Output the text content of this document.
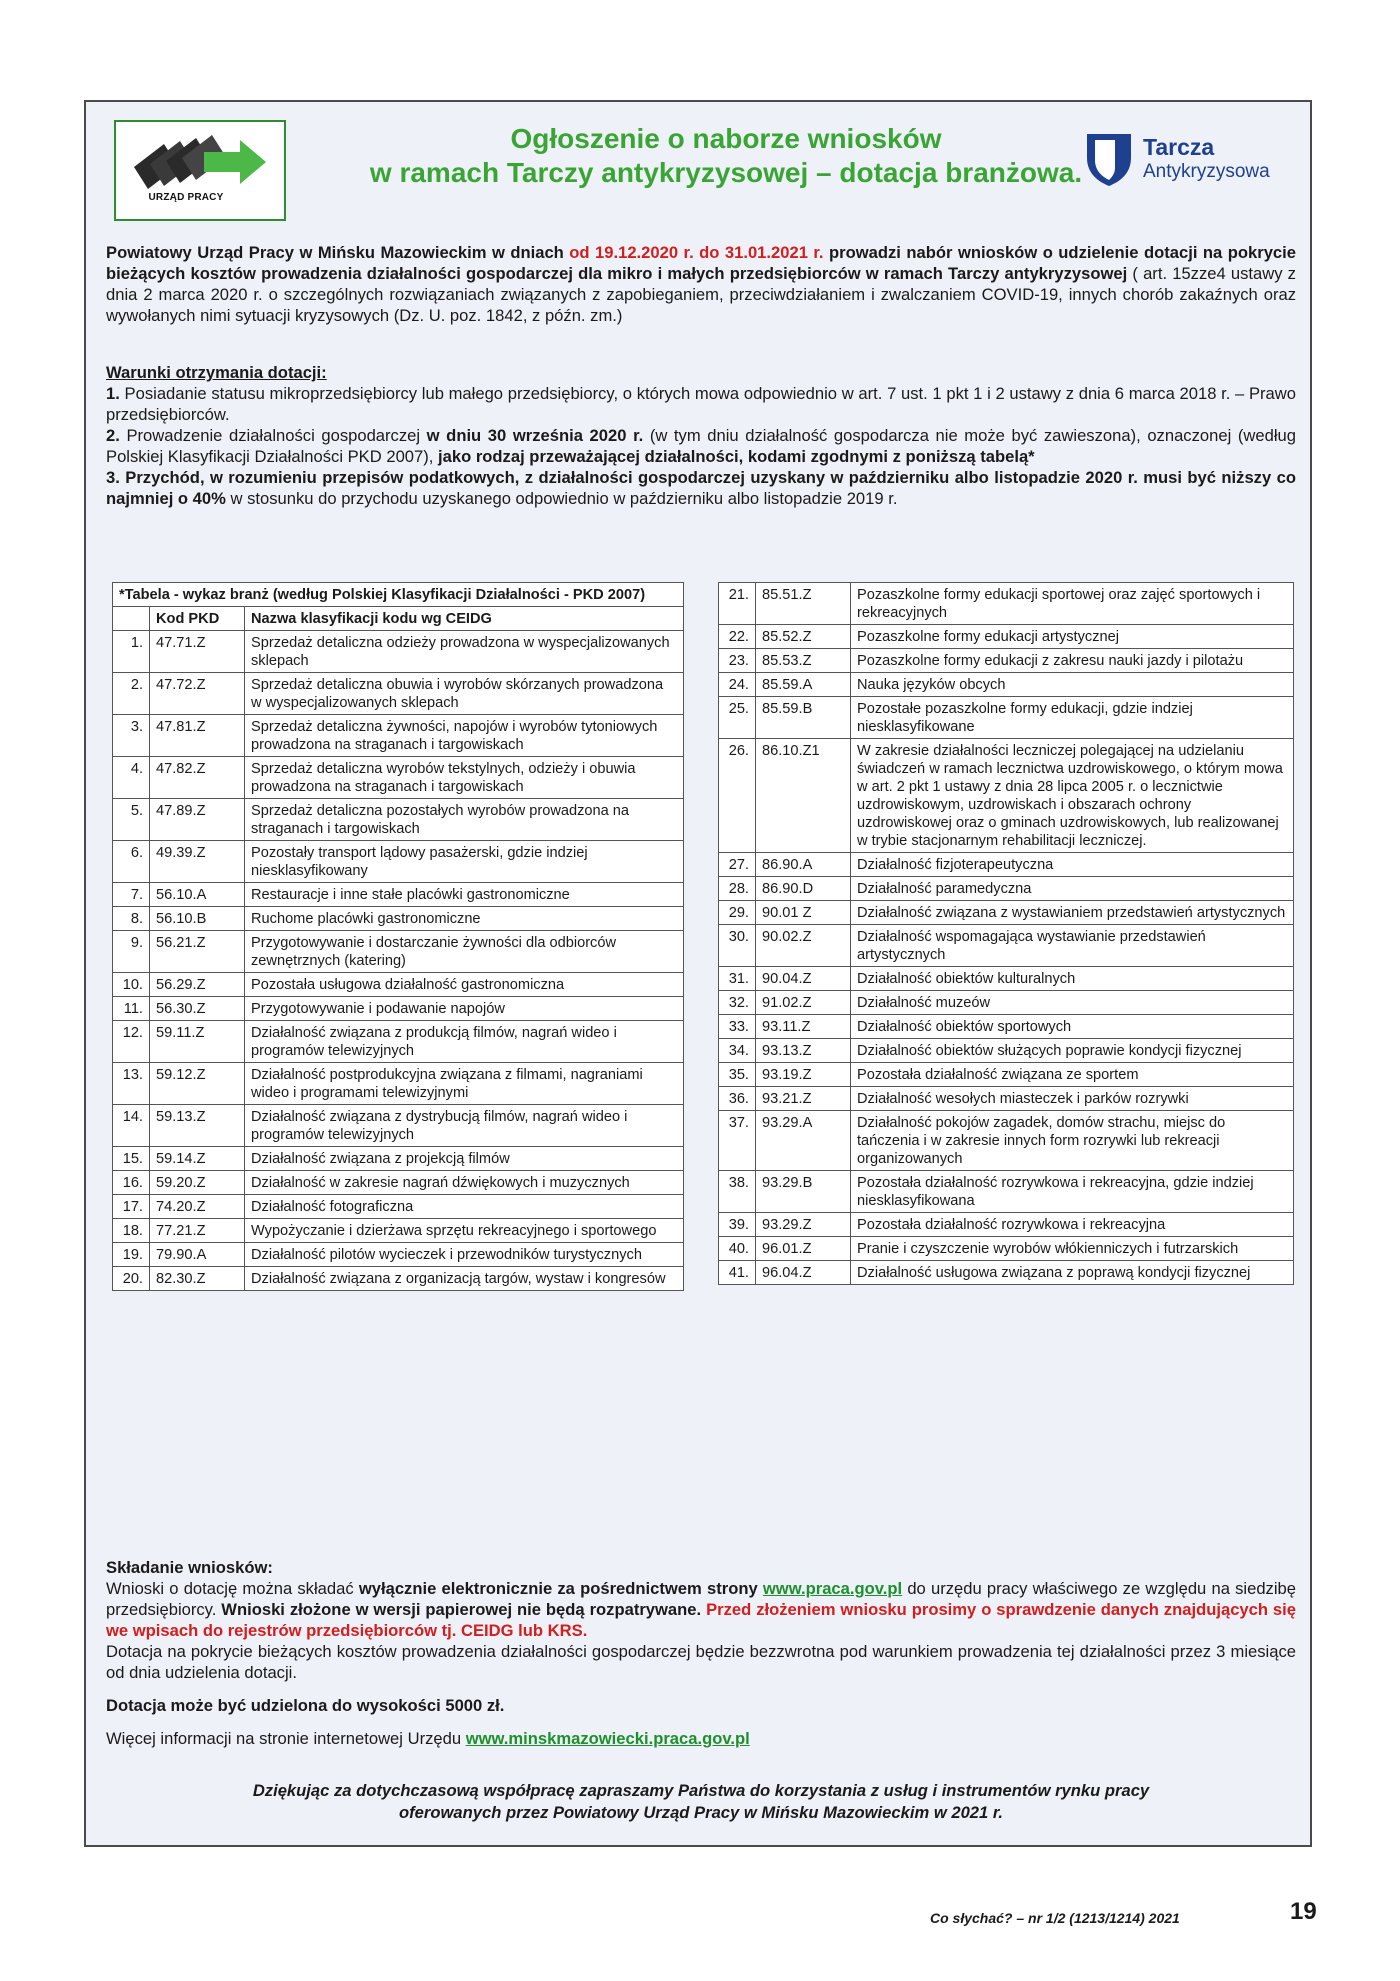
URZĄD PRACY
Ogłoszenie o naborze wniosków
w ramach Tarczy antykryzysowej – dotacja branżowa.
Tarcza
Antykryzysowa
Powiatowy Urząd Pracy w Mińsku Mazowieckim w dniach od 19.12.2020 r. do 31.01.2021 r. prowadzi nabór wniosków o udzielenie dotacji na pokrycie bieżących kosztów prowadzenia działalności gospodarczej dla mikro i małych przedsiębiorców w ramach Tarczy antykryzysowej ( art. 15zze4 ustawy z dnia 2 marca 2020 r. o szczególnych rozwiązaniach związanych z zapobieganiem, przeciwdziałaniem i zwalczaniem COVID-19, innych chorób zakaźnych oraz wywołanych nimi sytuacji kryzysowych (Dz. U. poz. 1842, z późn. zm.)

Warunki otrzymania dotacji:

1. Posiadanie statusu mikroprzedsiębiorcy lub małego przedsiębiorcy, o których mowa odpowiednio w art. 7 ust. 1 pkt 1 i 2 ustawy z dnia 6 marca 2018 r. – Prawo przedsiębiorców.

2. Prowadzenie działalności gospodarczej w dniu 30 września 2020 r. (w tym dniu działalność gospodarcza nie może być zawieszona), oznaczonej (według Polskiej Klasyfikacji Działalności PKD 2007), jako rodzaj przeważającej działalności, kodami zgodnymi z poniższą tabelą*

3. Przychód, w rozumieniu przepisów podatkowych, z działalności gospodarczej uzyskany w październiku albo listopadzie 2020 r. musi być niższy co najmniej o 40% w stosunku do przychodu uzyskanego odpowiednio w październiku albo listopadzie 2019 r.

*Tabela - wykaz branż (według Polskiej Klasyfikacji Działalności - PKD 2007)		
	Kod PKD	Nazwa klasyfikacji kodu wg CEIDG
1.	47.71.Z	Sprzedaż detaliczna odzieży prowadzona w wyspecjalizowanych sklepach
2.	47.72.Z	Sprzedaż detaliczna obuwia i wyrobów skórzanych prowadzona w wyspecjalizowanych sklepach
3.	47.81.Z	Sprzedaż detaliczna żywności, napojów i wyrobów tytoniowych prowadzona na straganach i targowiskach
4.	47.82.Z	Sprzedaż detaliczna wyrobów tekstylnych, odzieży i obuwia prowadzona na straganach i targowiskach
5.	47.89.Z	Sprzedaż detaliczna pozostałych wyrobów prowadzona na straganach i targowiskach
6.	49.39.Z	Pozostały transport lądowy pasażerski, gdzie indziej niesklasyfikowany
7.	56.10.A	Restauracje i inne stałe placówki gastronomiczne
8.	56.10.B	Ruchome placówki gastronomiczne
9.	56.21.Z	Przygotowywanie i dostarczanie żywności dla odbiorców zewnętrznych (katering)
10.	56.29.Z	Pozostała usługowa działalność gastronomiczna
11.	56.30.Z	Przygotowywanie i podawanie napojów
12.	59.11.Z	Działalność związana z produkcją filmów, nagrań wideo i programów telewizyjnych
13.	59.12.Z	Działalność postprodukcyjna związana z filmami, nagraniami wideo i programami telewizyjnymi
14.	59.13.Z	Działalność związana z dystrybucją filmów, nagrań wideo i programów telewizyjnych
15.	59.14.Z	Działalność związana z projekcją filmów
16.	59.20.Z	Działalność w zakresie nagrań dźwiękowych i muzycznych
17.	74.20.Z	Działalność fotograficzna
18.	77.21.Z	Wypożyczanie i dzierżawa sprzętu rekreacyjnego i sportowego
19.	79.90.A	Działalność pilotów wycieczek i przewodników turystycznych
20.	82.30.Z	Działalność związana z organizacją targów, wystaw i kongresów
21.	85.51.Z	Pozaszkolne formy edukacji sportowej oraz zajęć sportowych i rekreacyjnych
22.	85.52.Z	Pozaszkolne formy edukacji artystycznej
23.	85.53.Z	Pozaszkolne formy edukacji z zakresu nauki jazdy i pilotażu
24.	85.59.A	Nauka języków obcych
25.	85.59.B	Pozostałe pozaszkolne formy edukacji, gdzie indziej niesklasyfikowane
26.	86.10.Z1	W zakresie działalności leczniczej polegającej na udzielaniu świadczeń w ramach lecznictwa uzdrowiskowego, o którym mowa w art. 2 pkt 1 ustawy z dnia 28 lipca 2005 r. o lecznictwie uzdrowiskowym, uzdrowiskach i obszarach ochrony uzdrowiskowej oraz o gminach uzdrowiskowych, lub realizowanej w trybie stacjonarnym rehabilitacji leczniczej.
27.	86.90.A	Działalność fizjoterapeutyczna
28.	86.90.D	Działalność paramedyczna
29.	90.01 Z	Działalność związana z wystawianiem przedstawień artystycznych
30.	90.02.Z	Działalność wspomagająca wystawianie przedstawień artystycznych
31.	90.04.Z	Działalność obiektów kulturalnych
32.	91.02.Z	Działalność muzeów
33.	93.11.Z	Działalność obiektów sportowych
34.	93.13.Z	Działalność obiektów służących poprawie kondycji fizycznej
35.	93.19.Z	Pozostała działalność związana ze sportem
36.	93.21.Z	Działalność wesołych miasteczek i parków rozrywki
37.	93.29.A	Działalność pokojów zagadek, domów strachu, miejsc do tańczenia i w zakresie innych form rozrywki lub rekreacji organizowanych
38.	93.29.B	Pozostała działalność rozrywkowa i rekreacyjna, gdzie indziej niesklasyfikowana
39.	93.29.Z	Pozostała działalność rozrywkowa i rekreacyjna
40.	96.01.Z	Pranie i czyszczenie wyrobów włókienniczych i futrzarskich
41.	96.04.Z	Działalność usługowa związana z poprawą kondycji fizycznej

Składanie wniosków:

Wnioski o dotację można składać wyłącznie elektronicznie za pośrednictwem strony www.praca.gov.pl do urzędu pracy właściwego ze względu na siedzibę przedsiębiorcy. Wnioski złożone w wersji papierowej nie będą rozpatrywane. Przed złożeniem wniosku prosimy o sprawdzenie danych znajdujących się we wpisach do rejestrów przedsiębiorców tj. CEIDG lub KRS.

Dotacja na pokrycie bieżących kosztów prowadzenia działalności gospodarczej będzie bezzwrotna pod warunkiem prowadzenia tej działalności przez 3 miesiące od dnia udzielenia dotacji.

Dotacja może być udzielona do wysokości 5000 zł.

Więcej informacji na stronie internetowej Urzędu www.minskmazowiecki.praca.gov.pl

Dziękując za dotychczasową współpracę zapraszamy Państwa do korzystania z usług i instrumentów rynku pracy
oferowanych przez Powiatowy Urząd Pracy w Mińsku Mazowieckim w 2021 r.
Co słychać? – nr 1/2 (1213/1214) 2021	19
